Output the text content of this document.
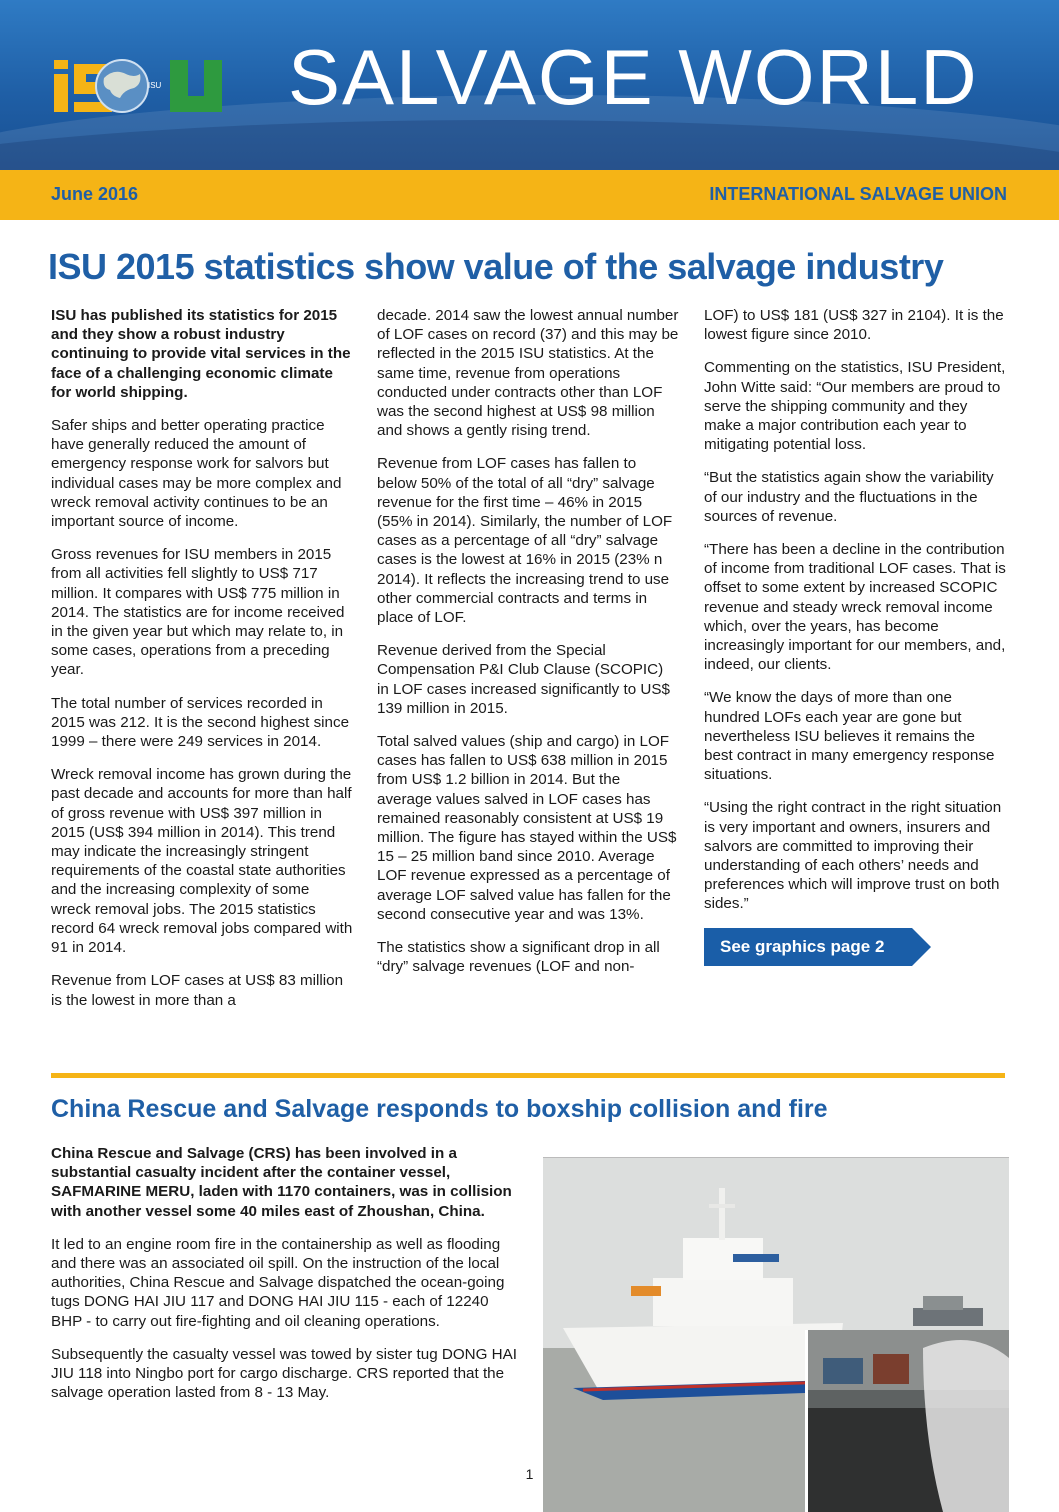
ISU SALVAGE WORLD
June 2016	INTERNATIONAL SALVAGE UNION
ISU 2015 statistics show value of the salvage industry

ISU has published its statistics for 2015 and they show a robust industry continuing to provide vital services in the face of a challenging economic climate for world shipping.

Safer ships and better operating practice have generally reduced the amount of emergency response work for salvors but individual cases may be more complex and wreck removal activity continues to be an important source of income.

Gross revenues for ISU members in 2015 from all activities fell slightly to US$ 717 million. It compares with US$ 775 million in 2014. The statistics are for income received in the given year but which may relate to, in some cases, operations from a preceding year.

The total number of services recorded in 2015 was 212. It is the second highest since 1999 – there were 249 services in 2014.

Wreck removal income has grown during the past decade and accounts for more than half of gross revenue with US$ 397 million in 2015 (US$ 394 million in 2014). This trend may indicate the increasingly stringent requirements of the coastal state authorities and the increasing complexity of some wreck removal jobs. The 2015 statistics record 64 wreck removal jobs compared with 91 in 2014.

Revenue from LOF cases at US$ 83 million is the lowest in more than a

decade. 2014 saw the lowest annual number of LOF cases on record (37) and this may be reflected in the 2015 ISU statistics. At the same time, revenue from operations conducted under contracts other than LOF was the second highest at US$ 98 million and shows a gently rising trend.

Revenue from LOF cases has fallen to below 50% of the total of all “dry” salvage revenue for the first time – 46% in 2015 (55% in 2014). Similarly, the number of LOF cases as a percentage of all “dry” salvage cases is the lowest at 16% in 2015 (23% n 2014). It reflects the increasing trend to use other commercial contracts and terms in place of LOF.

Revenue derived from the Special Compensation P&I Club Clause (SCOPIC) in LOF cases increased significantly to US$ 139 million in 2015.

Total salved values (ship and cargo) in LOF cases has fallen to US$ 638 million in 2015 from US$ 1.2 billion in 2014. But the average values salved in LOF cases has remained reasonably consistent at US$ 19 million. The figure has stayed within the US$ 15 – 25 million band since 2010. Average LOF revenue expressed as a percentage of average LOF salved value has fallen for the second consecutive year and was 13%.

The statistics show a significant drop in all “dry” salvage revenues (LOF and non-

LOF) to US$ 181 (US$ 327 in 2104). It is the lowest figure since 2010.

Commenting on the statistics, ISU President, John Witte said: “Our members are proud to serve the shipping community and they make a major contribution each year to mitigating potential loss.

“But the statistics again show the variability of our industry and the fluctuations in the sources of revenue.

“There has been a decline in the contribution of income from traditional LOF cases. That is offset to some extent by increased SCOPIC revenue and steady wreck removal income which, over the years, has become increasingly important for our members, and, indeed, our clients.

“We know the days of more than one hundred LOFs each year are gone but nevertheless ISU believes it remains the best contract in many emergency response situations.

“Using the right contract in the right situation is very important and owners, insurers and salvors are committed to improving their understanding of each others’ needs and preferences which will improve trust on both sides.”

See graphics page 2
China Rescue and Salvage responds to boxship collision and fire

China Rescue and Salvage (CRS) has been involved in a substantial casualty incident after the container vessel, SAFMARINE MERU, laden with 1170 containers, was in collision with another vessel some 40 miles east of Zhoushan, China.

It led to an engine room fire in the containership as well as flooding and there was an associated oil spill. On the instruction of the local authorities, China Rescue and Salvage dispatched the ocean-going tugs DONG HAI JIU 117 and DONG HAI JIU 115 - each of 12240 BHP - to carry out fire-fighting and oil cleaning operations.

Subsequently the casualty vessel was towed by sister tug DONG HAI JIU 118 into Ningbo port for cargo discharge. CRS reported that the salvage operation lasted from 8 - 13 May.

1
